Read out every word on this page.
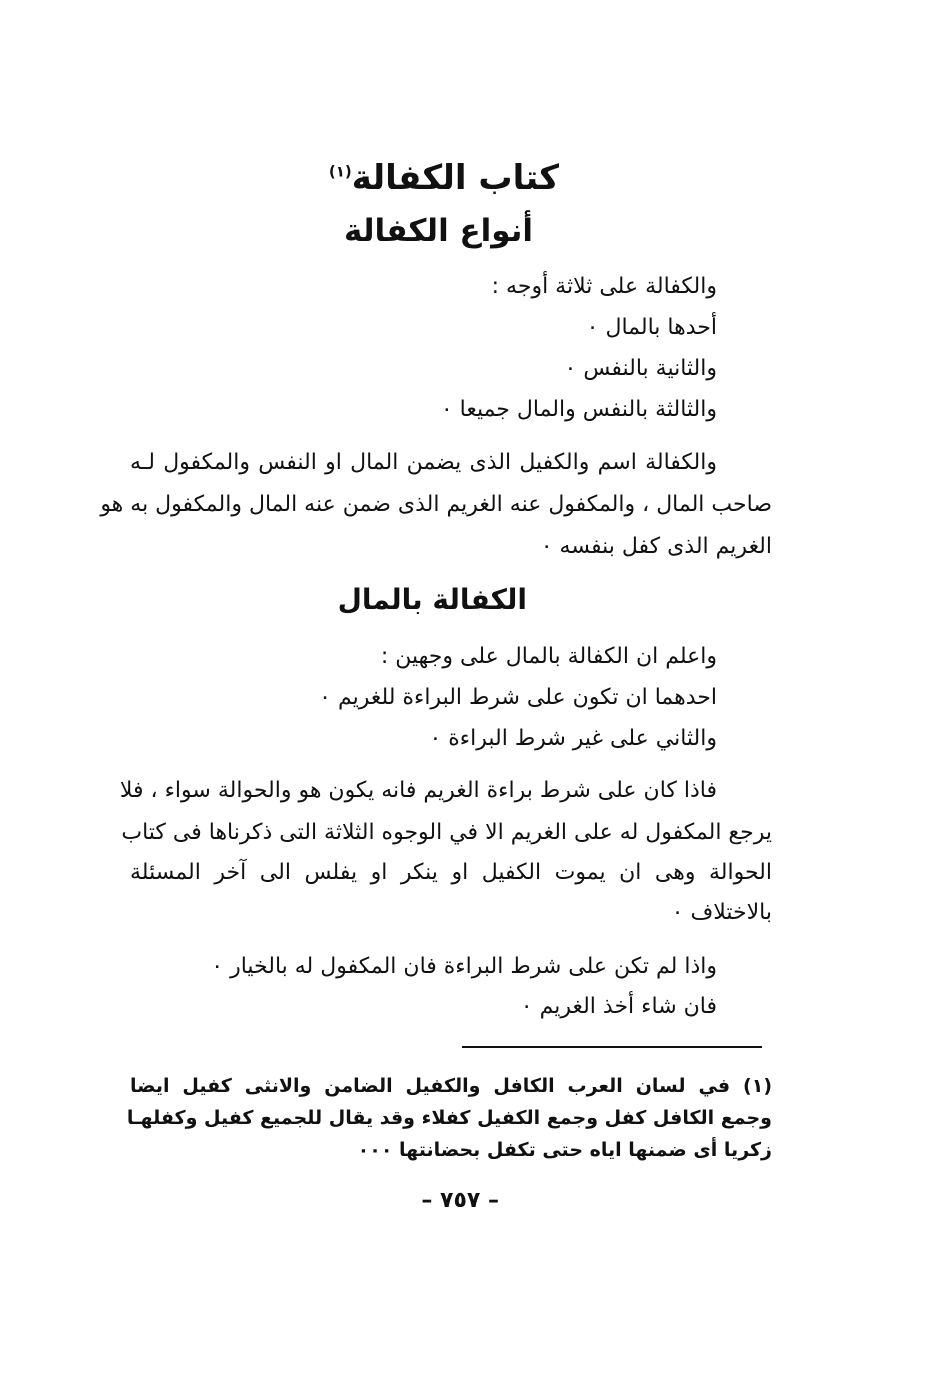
كتاب الكفالة$^{(١)}$
أنواع الكفالة
والكفالة على ثلاثة أوجه :
أحدها بالمال ٠
والثانية بالنفس ٠
والثالثة بالنفس والمال جميعا ٠
والكفالة اسم والكفيل الذى يضمن المال او النفس والمكفول لـه
صاحب المال ، والمكفول عنه الغريم الذى ضمن عنه المال والمكفول به هو
الغريم الذى كفل بنفسه ٠
الكفالة بالمال
واعلم ان الكفالة بالمال على وجهين :
احدهما ان تكون على شرط البراءة للغريم ٠
والثاني على غير شرط البراءة ٠
فاذا كان على شرط براءة الغريم فانه يكون هو والحوالة سواء ، فلا
يرجع المكفول له على الغريم الا في الوجوه الثلاثة التى ذكرناها فى كتاب
الحوالة وهى ان يموت الكفيل او ينكر او يفلس الى آخر المسئلة
بالاختلاف ٠
واذا لم تكن على شرط البراءة فان المكفول له بالخيار ٠
فان شاء أخذ الغريم ٠
(١) في لسان العرب الكافل والكفيل الضامن والانثى كفيل ايضا
وجمع الكافل كفل وجمع الكفيل كفلاء وقد يقال للجميع كفيل وكفلهـا
زكريا أى ضمنها اياه حتى تكفل بحضانتها ٠٠٠
– ٧٥٧ –
